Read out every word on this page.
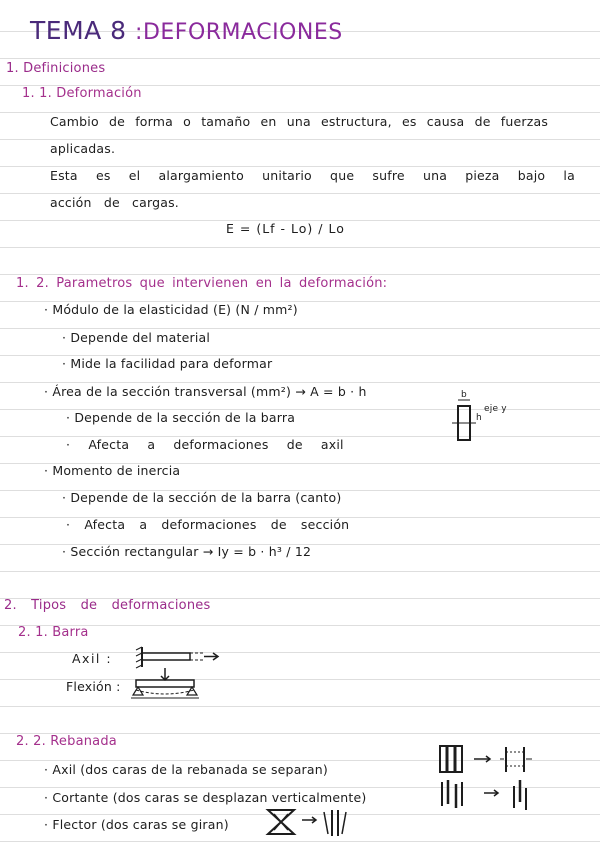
TEMA 8 :DEFORMACIONES
1. Definiciones
1. 1. Deformación
Cambio de forma o tamaño en una estructura, es causa de fuerzas
aplicadas.
Esta es el alargamiento unitario que sufre una pieza bajo la
acción de cargas.
E = (Lf - Lo) / Lo
1. 2. Parametros que intervienen en la deformación:
· Módulo de la elasticidad (E) (N / mm²)
· Depende del material
· Mide la facilidad para deformar
· Área de la sección transversal (mm²) → A = b · h
· Depende de la sección de la barra
· Afecta a deformaciones de axil
· Momento de inercia
· Depende de la sección de la barra (canto)
· Afecta a deformaciones de sección
· Sección rectangular → Iy = b · h³ / 12
b
h
eje y
2. Tipos de deformaciones
2. 1. Barra
Axil :
Flexión :
2. 2. Rebanada
· Axil (dos caras de la rebanada se separan)
· Cortante (dos caras se desplazan verticalmente)
· Flector (dos caras se giran)
